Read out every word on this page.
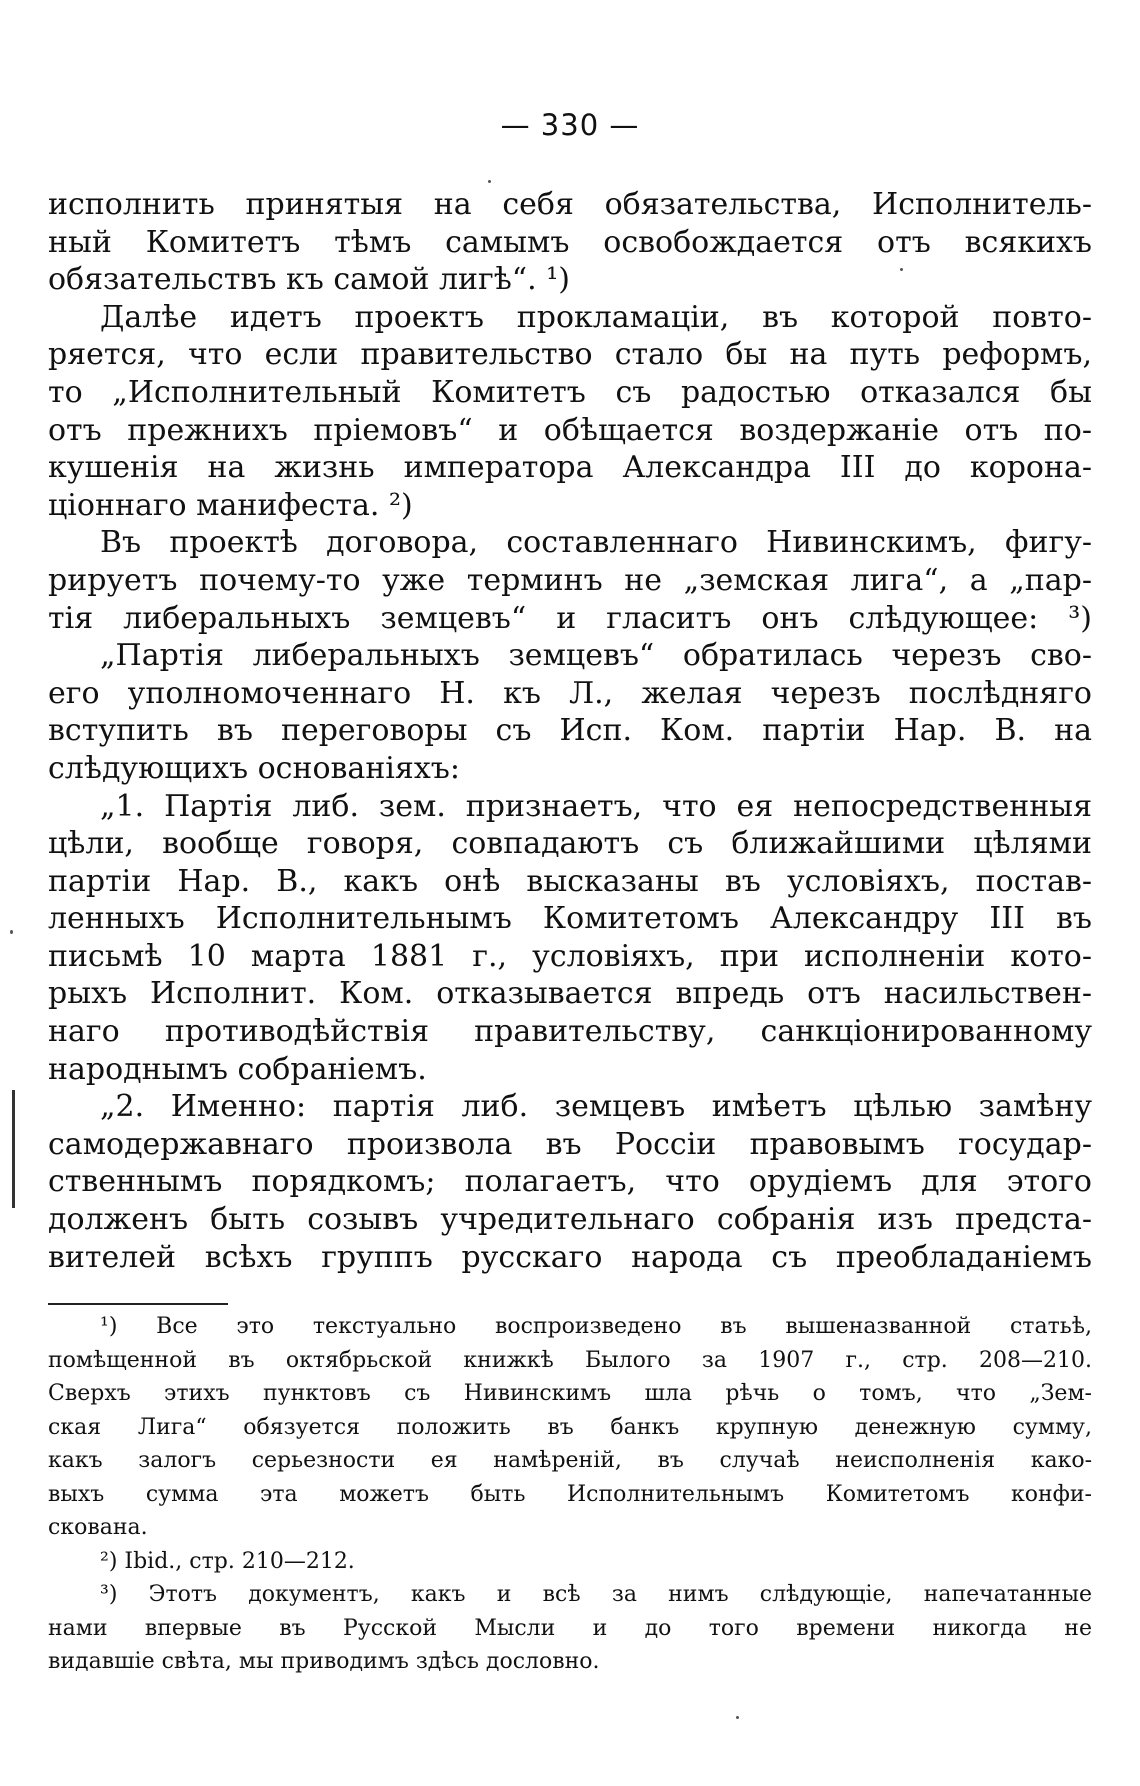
— 330 —
исполнить принятыя на себя обязательства, Исполнитель-
ный Комитетъ тѣмъ самымъ освобождается отъ всякихъ
обязательствъ къ самой лигѣ“. ¹)
Далѣе идетъ проектъ прокламаціи, въ которой повто-
ряется, что если правительство стало бы на путь реформъ,
то „Исполнительный Комитетъ съ радостью отказался бы
отъ прежнихъ пріемовъ“ и обѣщается воздержаніе отъ по-
кушенія на жизнь императора Александра III до корона-
ціоннаго манифеста. ²)
Въ проектѣ договора, составленнаго Нивинскимъ, фигу-
рируетъ почему-то уже терминъ не „земская лига“, а „пар-
тія либеральныхъ земцевъ“ и гласитъ онъ слѣдующее: ³)
„Партія либеральныхъ земцевъ“ обратилась черезъ сво-
его уполномоченнаго Н. къ Л., желая черезъ послѣдняго
вступить въ переговоры съ Исп. Ком. партіи Нар. В. на
слѣдующихъ основаніяхъ:
„1. Партія либ. зем. признаетъ, что ея непосредственныя
цѣли, вообще говоря, совпадаютъ съ ближайшими цѣлями
партіи Нар. В., какъ онѣ высказаны въ условіяхъ, постав-
ленныхъ Исполнительнымъ Комитетомъ Александру III въ
письмѣ 10 марта 1881 г., условіяхъ, при исполненіи кото-
рыхъ Исполнит. Ком. отказывается впредь отъ насильствен-
наго противодѣйствія правительству, санкціонированному
народнымъ собраніемъ.
„2. Именно: партія либ. земцевъ имѣетъ цѣлью замѣну
самодержавнаго произвола въ Россіи правовымъ государ-
ственнымъ порядкомъ; полагаетъ, что орудіемъ для этого
долженъ быть созывъ учредительнаго собранія изъ предста-
вителей всѣхъ группъ русскаго народа съ преобладаніемъ
¹) Все это текстуально воспроизведено въ вышеназванной статьѣ,
помѣщенной въ октябрьской книжкѣ Былого за 1907 г., стр. 208—210.
Сверхъ этихъ пунктовъ съ Нивинскимъ шла рѣчь о томъ, что „Зем-
ская Лига“ обязуется положить въ банкъ крупную денежную сумму,
какъ залогъ серьезности ея намѣреній, въ случаѣ неисполненія како-
выхъ сумма эта можетъ быть Исполнительнымъ Комитетомъ конфи-
скована.
²) Ibid., стр. 210—212.
³) Этотъ документъ, какъ и всѣ за нимъ слѣдующіе, напечатанные
нами впервые въ Русской Мысли и до того времени никогда не
видавшіе свѣта, мы приводимъ здѣсь дословно.
